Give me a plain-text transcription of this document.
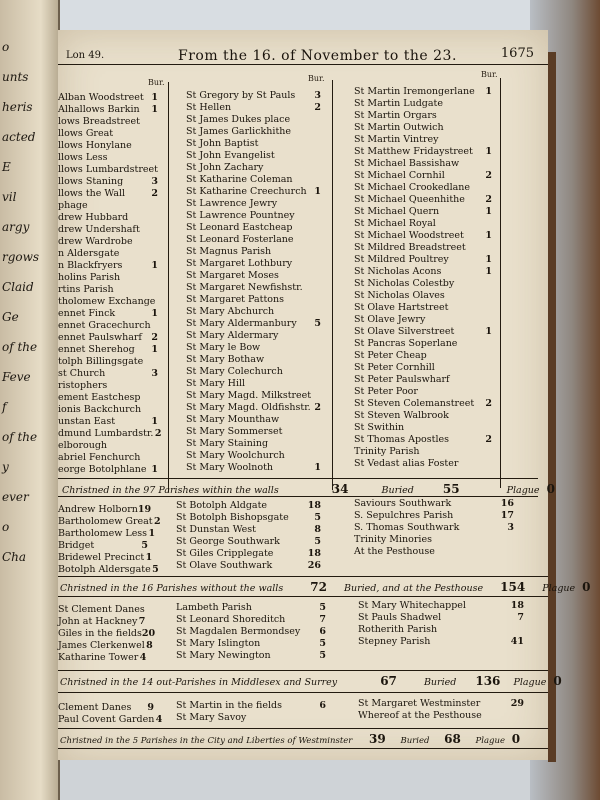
o
unts
heris
acted
E
vil
argy
rgows
Claid
Ge
of the
Feve
f
of the
y
ever
o
Cha
Lon 49.	From the 16. of November to the 23.	1675
Bur.	Bur.	Bur.
Alban Woodstreet 1
Alhallows Barkin 1
lows Breadstreet
llows Great
llows Honylane
llows Less
llows Lumbardstreet
llows Staning	3
llows the Wall	2
phage
drew Hubbard
drew Undershaft
drew Wardrobe
n Aldersgate
n Blackfryers	1
holins Parish
rtins Parish
tholomew Exchange
ennet Finck	1
ennet Gracechurch
ennet Paulswharf 2
ennet Sherehog 1
tolph Billingsgate
st Church	3
ristophers
ement Eastchesp
ionis Backchurch
unstan East	1
dmund Lumbardstr. 2
elborough
abriel Fenchurch
eorge Botolphlane 1
St Gregory by St Pauls 3
St Hellen	2
St James Dukes place
St James Garlickhithe
St John Baptist
St John Evangelist
St John Zachary
St Katharine Coleman
St Katharine Creechurch 1
St Lawrence Jewry
St Lawrence Pountney
St Leonard Eastcheap
St Leonard Fosterlane
St Magnus Parish
St Margaret Lothbury
St Margaret Moses
St Margaret Newfishstr.
St Margaret Pattons
St Mary Abchurch
St Mary Aldermanbury 5
St Mary Aldermary
St Mary le Bow
St Mary Bothaw
St Mary Colechurch
St Mary Hill
St Mary Magd. Milkstreet
St Mary Magd. Oldfishstr. 2
St Mary Mounthaw
St Mary Sommerset
St Mary Staining
St Mary Woolchurch
St Mary Woolnoth	1
St Martin Iremongerlane 1
St Martin Ludgate
St Martin Orgars
St Martin Outwich
St Martin Vintrey
St Matthew Fridaystreet 1
St Michael Bassishaw
St Michael Cornhil	2
St Michael Crookedlane
St Michael Queenhithe 2
St Michael Quern	1
St Michael Royal
St Michael Woodstreet 1
St Mildred Breadstreet
St Mildred Poultrey	1
St Nicholas Acons	1
St Nicholas Colestby
St Nicholas Olaves
St Olave Hartstreet
St Olave Jewry
St Olave Silverstreet	1
St Pancras Soperlane
St Peter Cheap
St Peter Cornhill
St Peter Paulswharf
St Peter Poor
St Steven Colemanstreet 2
St Steven Walbrook
St Swithin
St Thomas Apostles	2
Trinity Parish
St Vedast alias Foster
Christned in the 97 Parishes within the walls	34	Buried 55	Plague 0
Andrew Holborn 19
Bartholomew Great 2
Bartholomew Less 1
Bridget	5
Bridewel Precinct 1
Botolph Aldersgate 5
St Botolph Aldgate	18
St Botolph Bishopsgate	5
St Dunstan West	8
St George Southwark	5
St Giles Cripplegate	18
St Olave Southwark	26
Saviours Southwark	16
S. Sepulchres Parish	17
S. Thomas Southwark	3
Trinity Minories
At the Pesthouse
Christned in the 16 Parishes without the walls 72 Buried, and at the Pesthouse 154 Plague 0
St Clement Danes
John at Hackney 7
Giles in the fields 20
James Clerkenwel 8
Katharine Tower 4
Lambeth Parish	5
St Leonard Shoreditch	7
St Magdalen Bermondsey 6
St Mary Islington	5
St Mary Newington	5
St Mary Whitechappel	18
St Pauls Shadwel	7
Rotherith Parish
Stepney Parish	41
Christned in the 14 out-Parishes in Middlesex and Surrey	67	Buried 136 Plague 0
Clement Danes 9
Paul Covent Garden 4
St Martin in the fields	6
St Mary Savoy
St Margaret Westminster	29
Whereof at the Pesthouse
Christned in the 5 Parishes in the City and Liberties of Westminster 39 Buried 68 Plague 0
